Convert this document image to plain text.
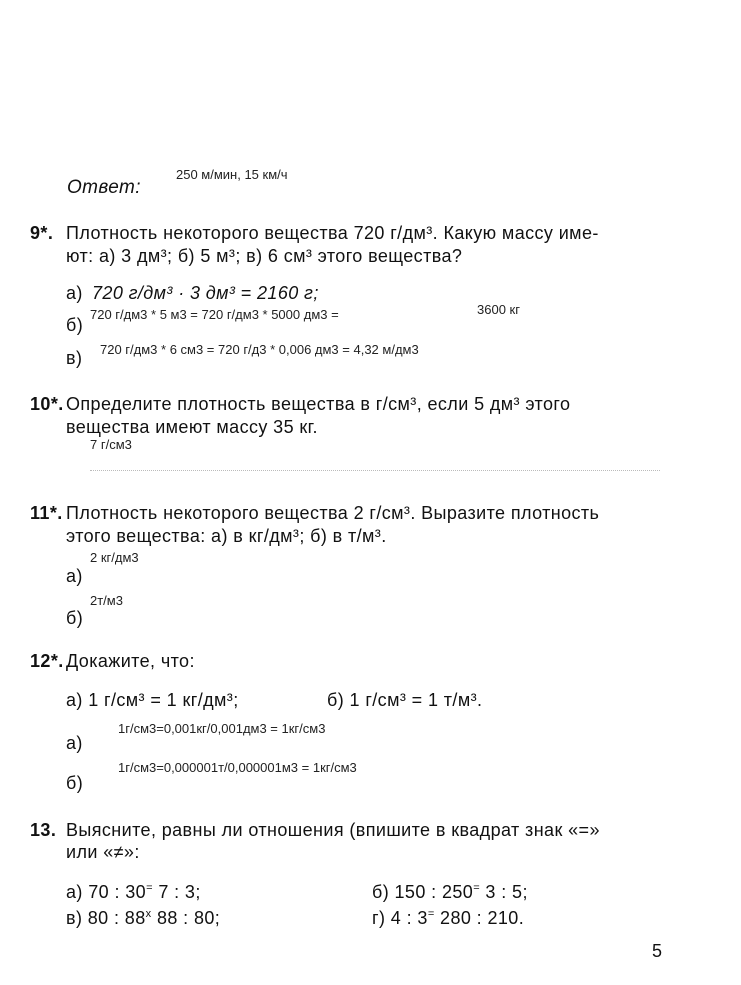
250 м/мин, 15 км/ч
Ответ:
9*. Плотность некоторого вещества 720 г/дм³. Какую массу име-
ют: а) 3 дм³; б) 5 м³; в) 6 см³ этого вещества?
а) 720 г/дм³ · 3 дм³ = 2160 г;
б)
720 г/дм3 * 5 м3 = 720 г/дм3 * 5000 дм3 =	3600 кг
в) 720 г/дм3 * 6 см3 = 720 г/д3 * 0,006 дм3 = 4,32 м/дм3
10*. Определите плотность вещества в г/см³, если 5 дм³ этого
вещества имеют массу 35 кг.
7 г/см3
11*. Плотность некоторого вещества 2 г/см³. Выразите плотность
этого вещества: а) в кг/дм³; б) в т/м³.
2 кг/дм3
а)
2т/м3
б)
12*. Докажите, что:
а) 1 г/см³ = 1 кг/дм³;	б) 1 г/см³ = 1 т/м³.
1г/см3=0,001кг/0,001дм3 = 1кг/см3
а)
1г/см3=0,000001т/0,000001м3 = 1кг/см3
б)
13. Выясните, равны ли отношения (впишите в квадрат знак «=»
или «≠»:
а) 70 : 30= 7 : 3;	б) 150 : 250= 3 : 5;
в) 80 : 88$^x$ 88 : 80;	г) 4 : 3= 280 : 210.
5
